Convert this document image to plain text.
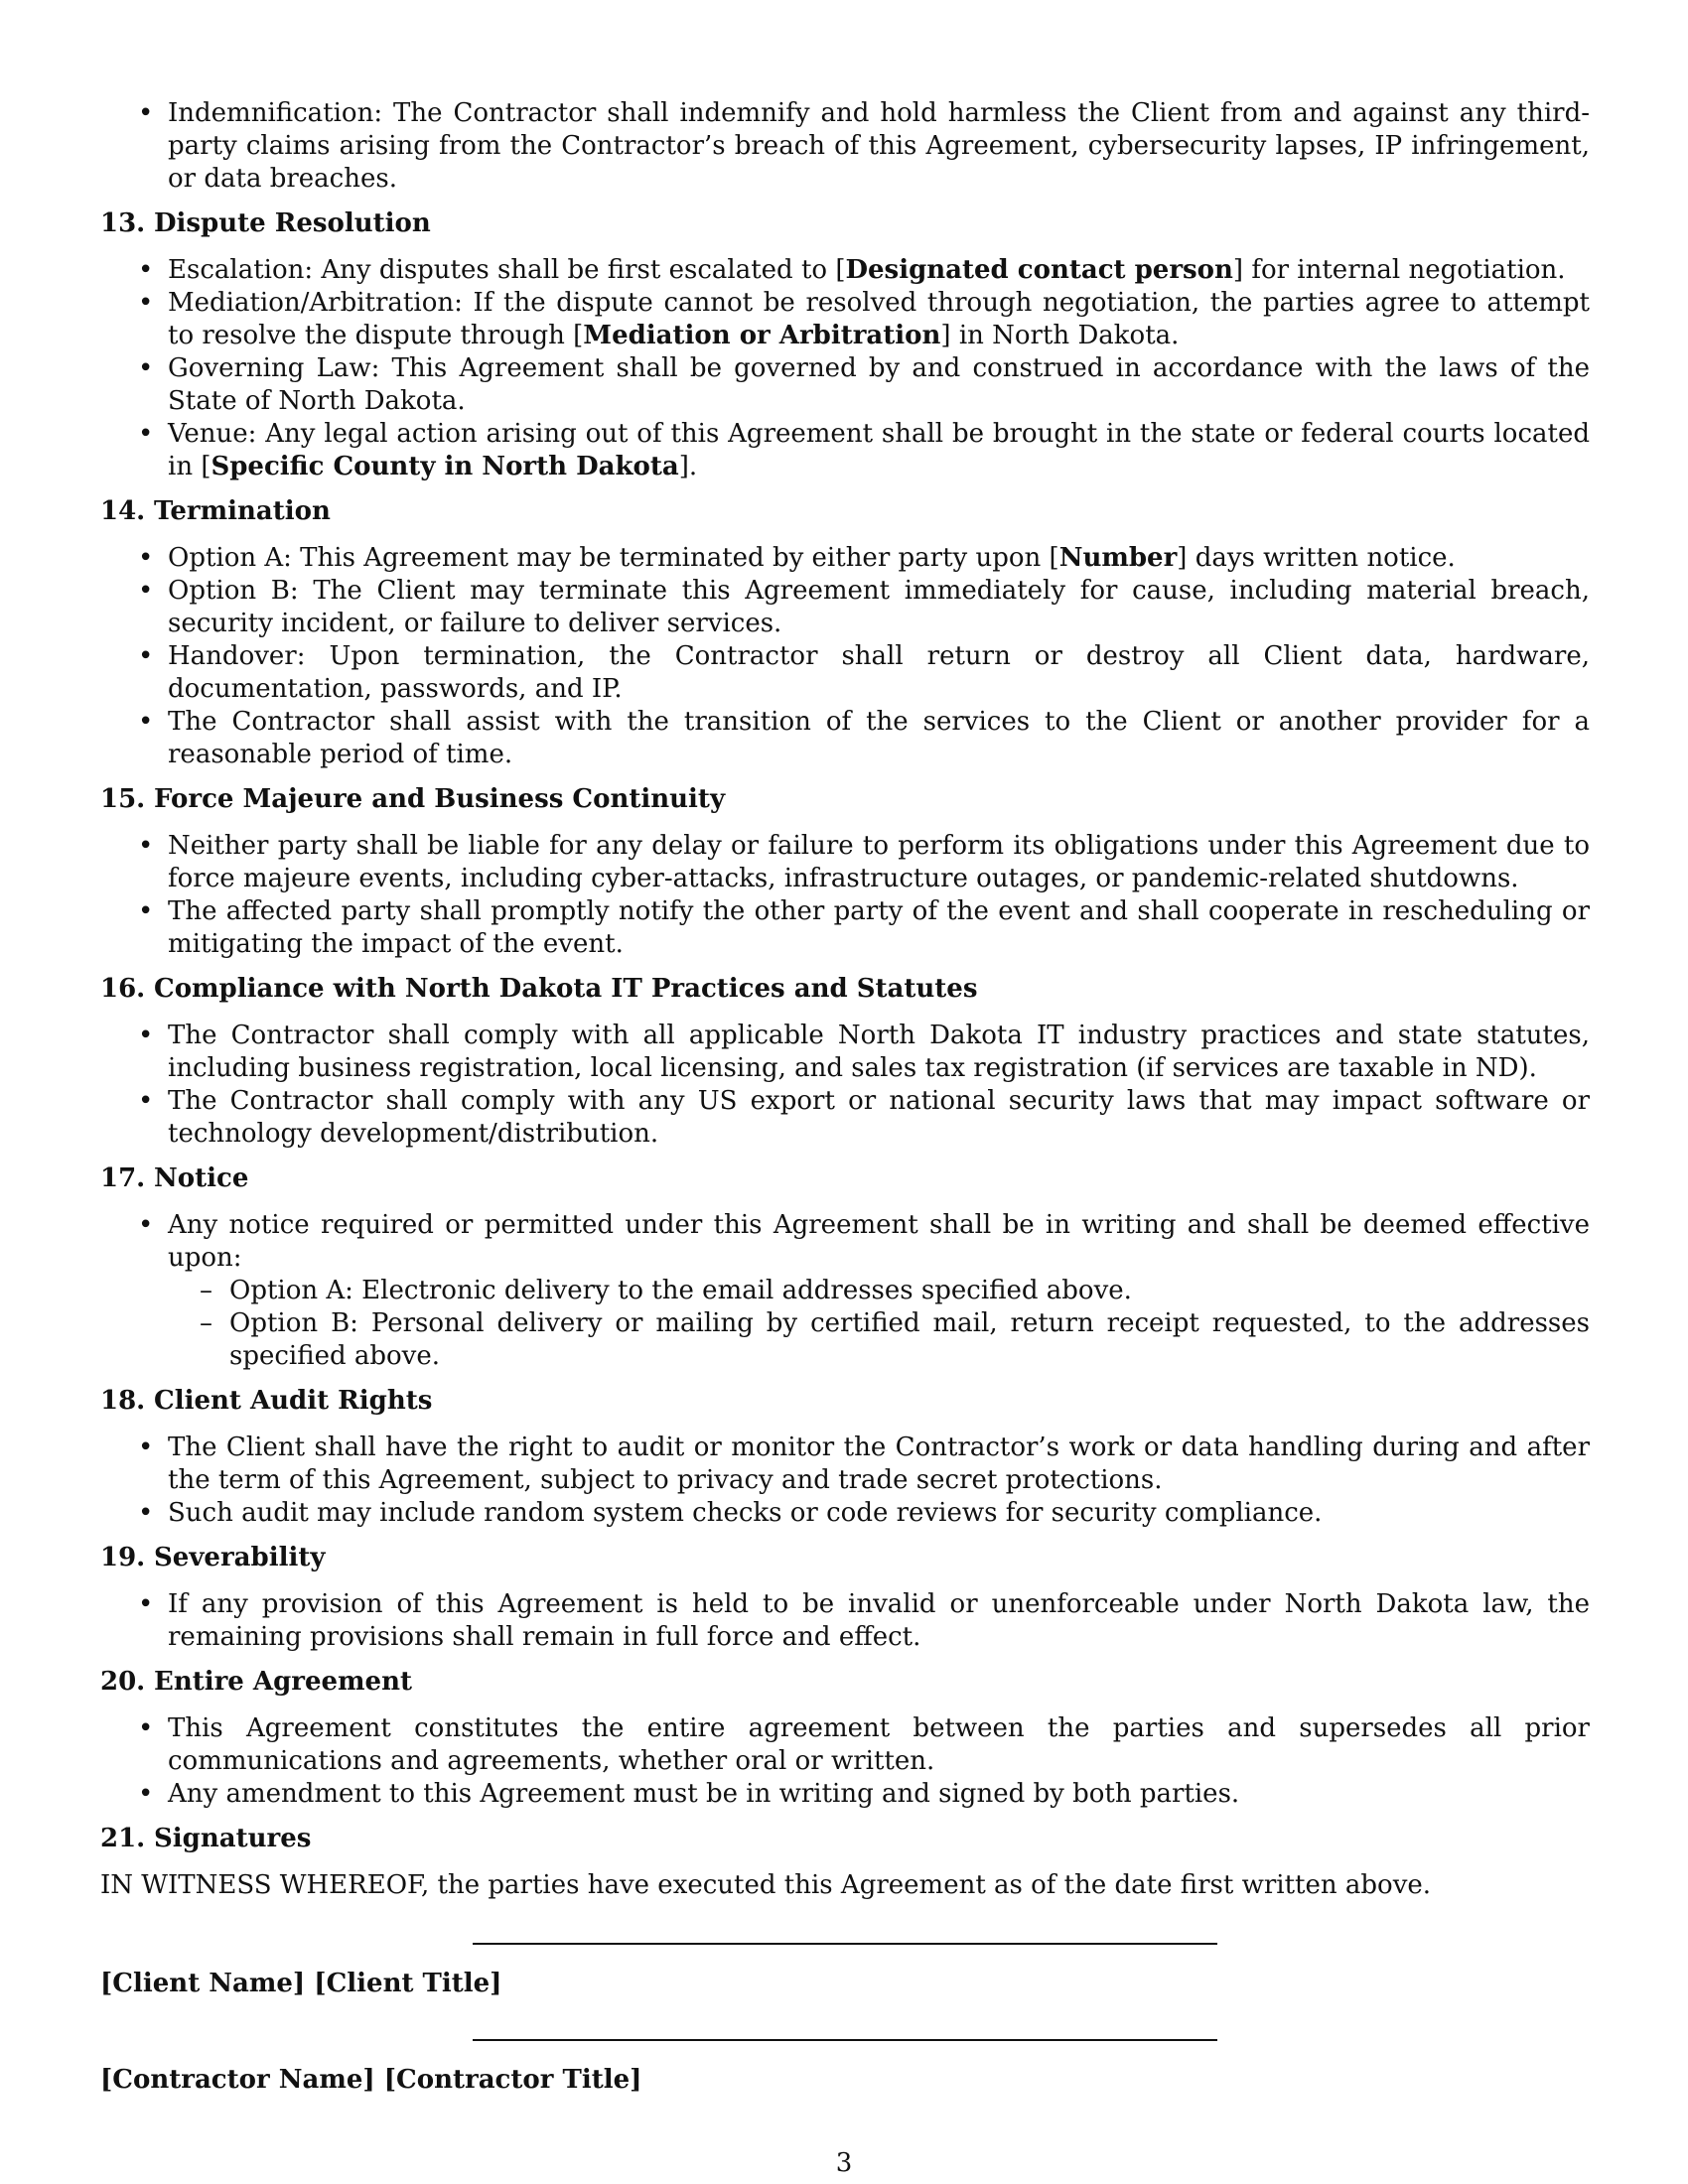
• Indemnification: The Contractor shall indemnify and hold harmless the Client from and against any third-party claims arising from the Contractor’s breach of this Agreement, cybersecurity lapses, IP infringement, or data breaches.
13. Dispute Resolution
• Escalation: Any disputes shall be first escalated to [Designated contact person] for internal negotiation.
• Mediation/Arbitration: If the dispute cannot be resolved through negotiation, the parties agree to attempt to resolve the dispute through [Mediation or Arbitration] in North Dakota.
• Governing Law: This Agreement shall be governed by and construed in accordance with the laws of the State of North Dakota.
• Venue: Any legal action arising out of this Agreement shall be brought in the state or federal courts located in [Specific County in North Dakota].
14. Termination
• Option A: This Agreement may be terminated by either party upon [Number] days written notice.
• Option B: The Client may terminate this Agreement immediately for cause, including material breach, security incident, or failure to deliver services.
• Handover: Upon termination, the Contractor shall return or destroy all Client data, hardware, documentation, passwords, and IP.
• The Contractor shall assist with the transition of the services to the Client or another provider for a reasonable period of time.
15. Force Majeure and Business Continuity
• Neither party shall be liable for any delay or failure to perform its obligations under this Agreement due to force majeure events, including cyber-attacks, infrastructure outages, or pandemic-related shutdowns.
• The affected party shall promptly notify the other party of the event and shall cooperate in rescheduling or mitigating the impact of the event.
16. Compliance with North Dakota IT Practices and Statutes
• The Contractor shall comply with all applicable North Dakota IT industry practices and state statutes, including business registration, local licensing, and sales tax registration (if services are taxable in ND).
• The Contractor shall comply with any US export or national security laws that may impact software or technology development/distribution.
17. Notice
• Any notice required or permitted under this Agreement shall be in writing and shall be deemed effective upon:
– Option A: Electronic delivery to the email addresses specified above.
– Option B: Personal delivery or mailing by certified mail, return receipt requested, to the addresses specified above.
18. Client Audit Rights
• The Client shall have the right to audit or monitor the Contractor’s work or data handling during and after the term of this Agreement, subject to privacy and trade secret protections.
• Such audit may include random system checks or code reviews for security compliance.
19. Severability
• If any provision of this Agreement is held to be invalid or unenforceable under North Dakota law, the remaining provisions shall remain in full force and effect.
20. Entire Agreement
• This Agreement constitutes the entire agreement between the parties and supersedes all prior communications and agreements, whether oral or written.
• Any amendment to this Agreement must be in writing and signed by both parties.
21. Signatures

IN WITNESS WHEREOF, the parties have executed this Agreement as of the date first written above.

[Client Name] [Client Title]
[Contractor Name] [Contractor Title]
3
